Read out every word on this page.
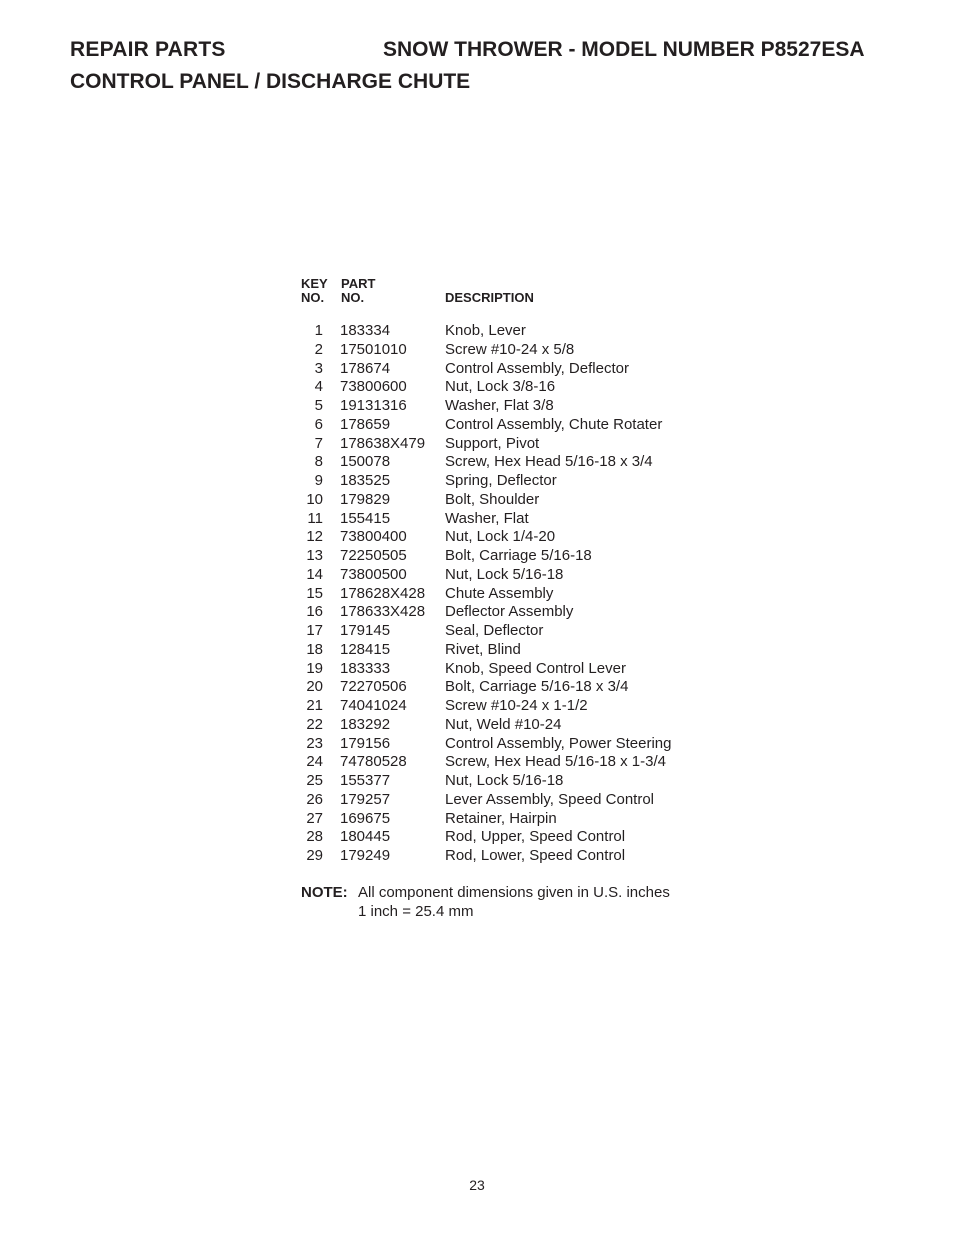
REPAIR PARTS	SNOW THROWER - MODEL NUMBER P8527ESA
CONTROL PANEL / DISCHARGE CHUTE
KEY
NO.
PART
NO.	DESCRIPTION
1 183334	Knob, Lever
2 17501010	Screw #10-24 x 5/8
3 178674	Control Assembly, Deflector
4 73800600	Nut, Lock 3/8-16
5 19131316	Washer, Flat 3/8
6 178659	Control Assembly, Chute Rotater
7 178638X479 Support, Pivot
8 150078	Screw, Hex Head 5/16-18 x 3/4
9 183525	Spring, Deflector
10 179829	Bolt, Shoulder
11 155415	Washer, Flat
12 73800400	Nut, Lock 1/4-20
13 72250505	Bolt, Carriage 5/16-18
14 73800500	Nut, Lock 5/16-18
15 178628X428 Chute Assembly
16 178633X428 Deflector Assembly
17 179145	Seal, Deflector
18 128415	Rivet, Blind
19 183333	Knob, Speed Control Lever
20 72270506	Bolt, Carriage 5/16-18 x 3/4
21 74041024	Screw #10-24 x 1-1/2
22 183292	Nut, Weld #10-24
23 179156	Control Assembly, Power Steering
24 74780528	Screw, Hex Head 5/16-18 x 1-3/4
25 155377	Nut, Lock 5/16-18
26 179257	Lever Assembly, Speed Control
27 169675	Retainer, Hairpin
28 180445	Rod, Upper, Speed Control
29 179249	Rod, Lower, Speed Control
NOTE: All component dimensions given in U.S. inches
1 inch = 25.4 mm
23
